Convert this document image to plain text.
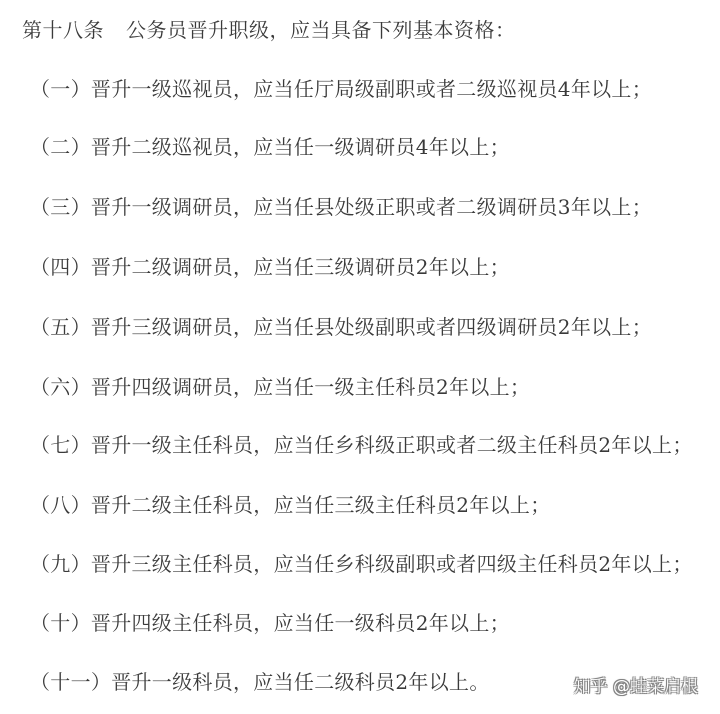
第十八条 公务员晋升职级，应当具备下列基本资格：
（一）晋升一级巡视员，应当任厅局级副职或者二级巡视员4年以上；
（二）晋升二级巡视员，应当任一级调研员4年以上；
（三）晋升一级调研员，应当任县处级正职或者二级调研员3年以上；
（四）晋升二级调研员，应当任三级调研员2年以上；
（五）晋升三级调研员，应当任县处级副职或者四级调研员2年以上；
（六）晋升四级调研员，应当任一级主任科员2年以上；
（七）晋升一级主任科员，应当任乡科级正职或者二级主任科员2年以上；
（八）晋升二级主任科员，应当任三级主任科员2年以上；
（九）晋升三级主任科员，应当任乡科级副职或者四级主任科员2年以上；
（十）晋升四级主任科员，应当任一级科员2年以上；
（十一）晋升一级科员，应当任二级科员2年以上。	知乎 @蛙菜启根
